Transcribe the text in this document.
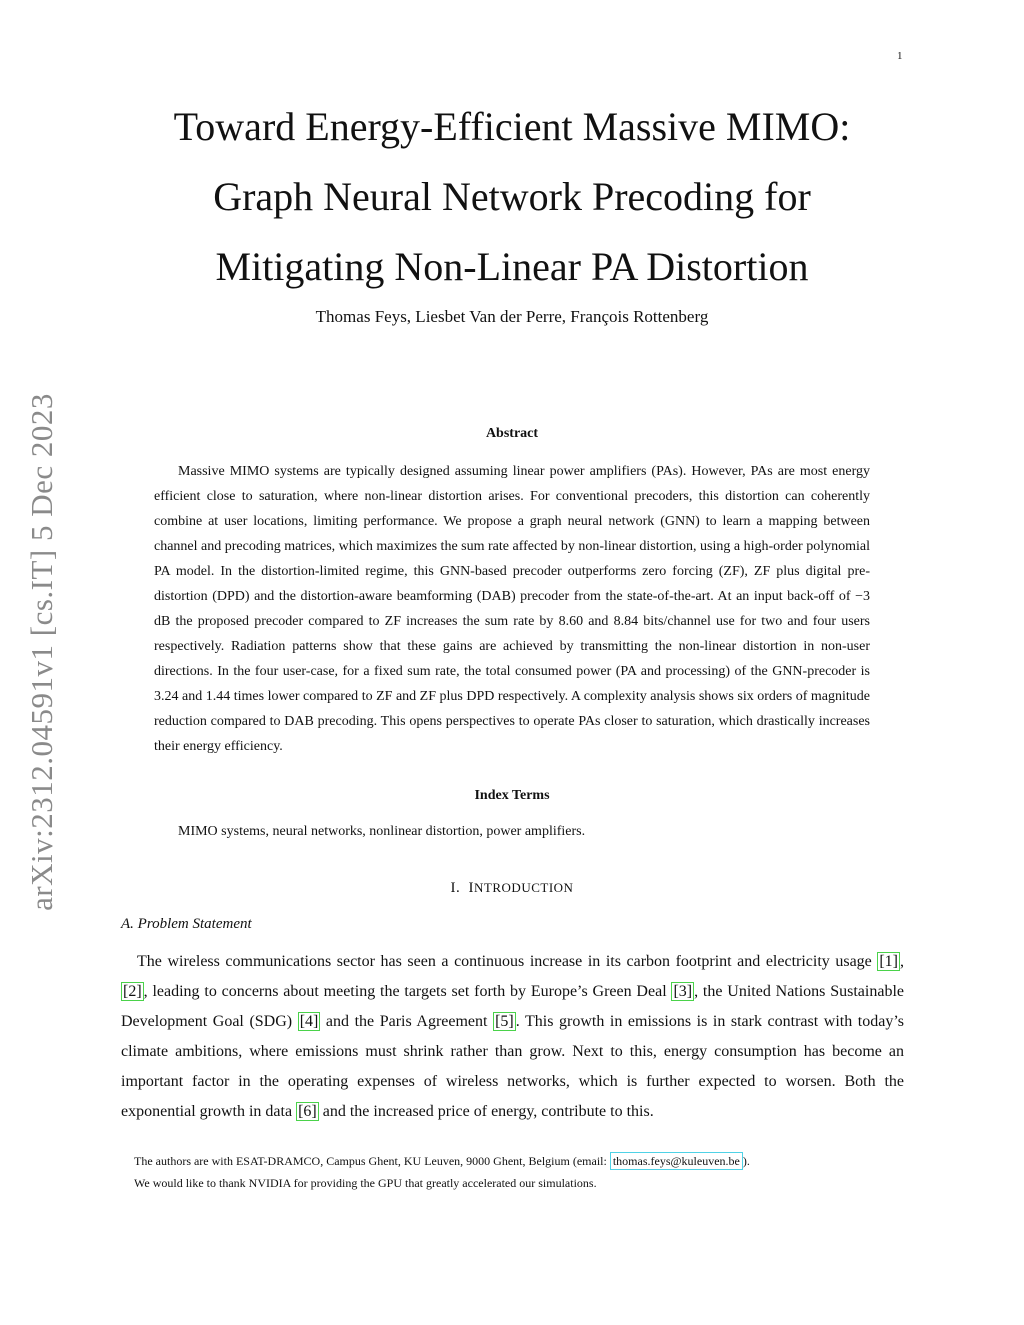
1
arXiv:2312.04591v1 [cs.IT] 5 Dec 2023
Toward Energy-Efficient Massive MIMO:
Graph Neural Network Precoding for
Mitigating Non-Linear PA Distortion
Thomas Feys, Liesbet Van der Perre, François Rottenberg
Abstract
Massive MIMO systems are typically designed assuming linear power amplifiers (PAs). However, PAs are most energy efficient close to saturation, where non-linear distortion arises. For conventional precoders, this distortion can coherently combine at user locations, limiting performance. We propose a graph neural network (GNN) to learn a mapping between channel and precoding matrices, which maximizes the sum rate affected by non-linear distortion, using a high-order polynomial PA model. In the distortion-limited regime, this GNN-based precoder outperforms zero forcing (ZF), ZF plus digital pre-distortion (DPD) and the distortion-aware beamforming (DAB) precoder from the state-of-the-art. At an input back-off of −3 dB the proposed precoder compared to ZF increases the sum rate by 8.60 and 8.84 bits/channel use for two and four users respectively. Radiation patterns show that these gains are achieved by transmitting the non-linear distortion in non-user directions. In the four user-case, for a fixed sum rate, the total consumed power (PA and processing) of the GNN-precoder is 3.24 and 1.44 times lower compared to ZF and ZF plus DPD respectively. A complexity analysis shows six orders of magnitude reduction compared to DAB precoding. This opens perspectives to operate PAs closer to saturation, which drastically increases their energy efficiency.
Index Terms
MIMO systems, neural networks, nonlinear distortion, power amplifiers.
I. INTRODUCTION
A. Problem Statement
The wireless communications sector has seen a continuous increase in its carbon footprint and electricity usage [1] , [2] , leading to concerns about meeting the targets set forth by Europe’s Green Deal [3] , the United Nations Sustainable Development Goal (SDG) [4] and the Paris Agreement [5] . This growth in emissions is in stark contrast with today’s climate ambitions, where emissions must shrink rather than grow. Next to this, energy consumption has become an important factor in the operating expenses of wireless networks, which is further expected to worsen. Both the exponential growth in data [6] and the increased price of energy, contribute to this.
The authors are with ESAT-DRAMCO, Campus Ghent, KU Leuven, 9000 Ghent, Belgium (email: thomas.feys@kuleuven.be ).
We would like to thank NVIDIA for providing the GPU that greatly accelerated our simulations.
